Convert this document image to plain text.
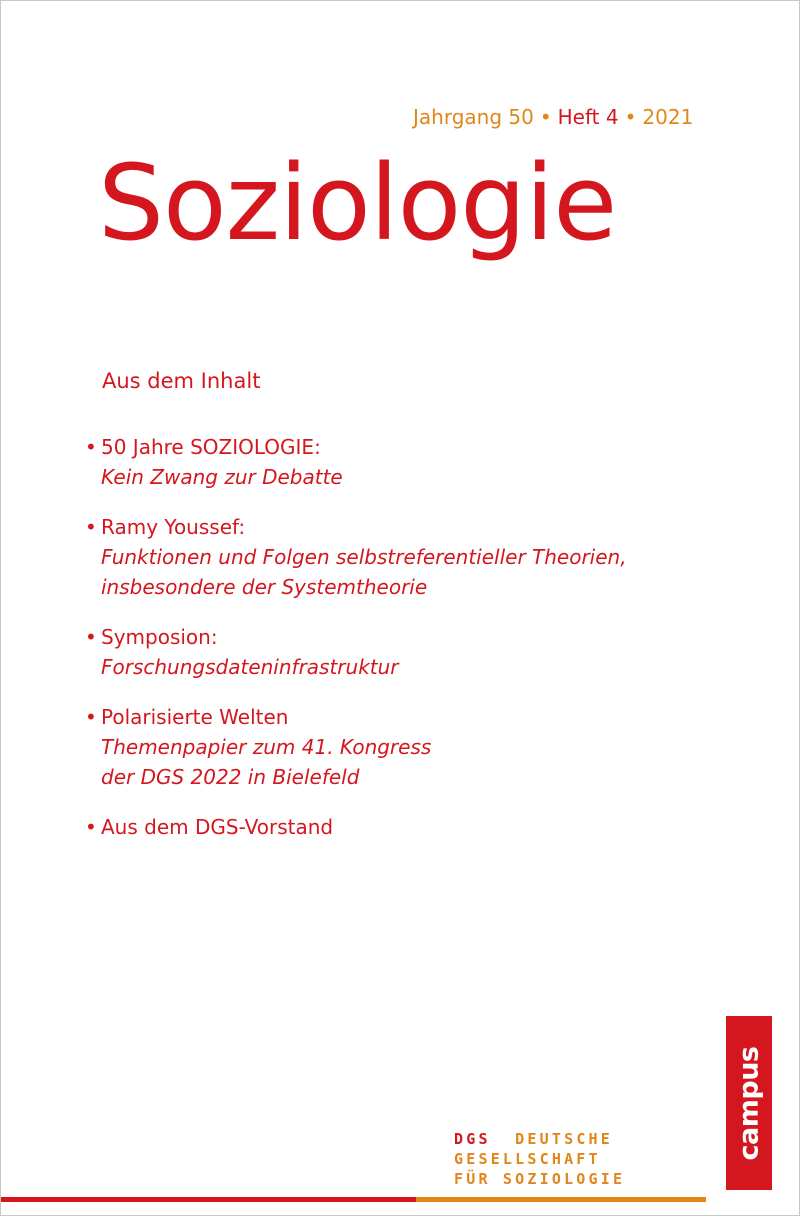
Jahrgang 50 • Heft 4 • 2021
Soziologie
Aus dem Inhalt
• 50 Jahre SOZIOLOGIE:
Kein Zwang zur Debatte
• Ramy Youssef:
Funktionen und Folgen selbstreferentieller Theorien,
insbesondere der Systemtheorie
• Symposion:
Forschungsdateninfrastruktur
• Polarisierte Welten
Themenpapier zum 41. Kongress
der DGS 2022 in Bielefeld
• Aus dem DGS-Vorstand
DGS DEUTSCHE
GESELLSCHAFT
FÜR SOZIOLOGIE
campus
